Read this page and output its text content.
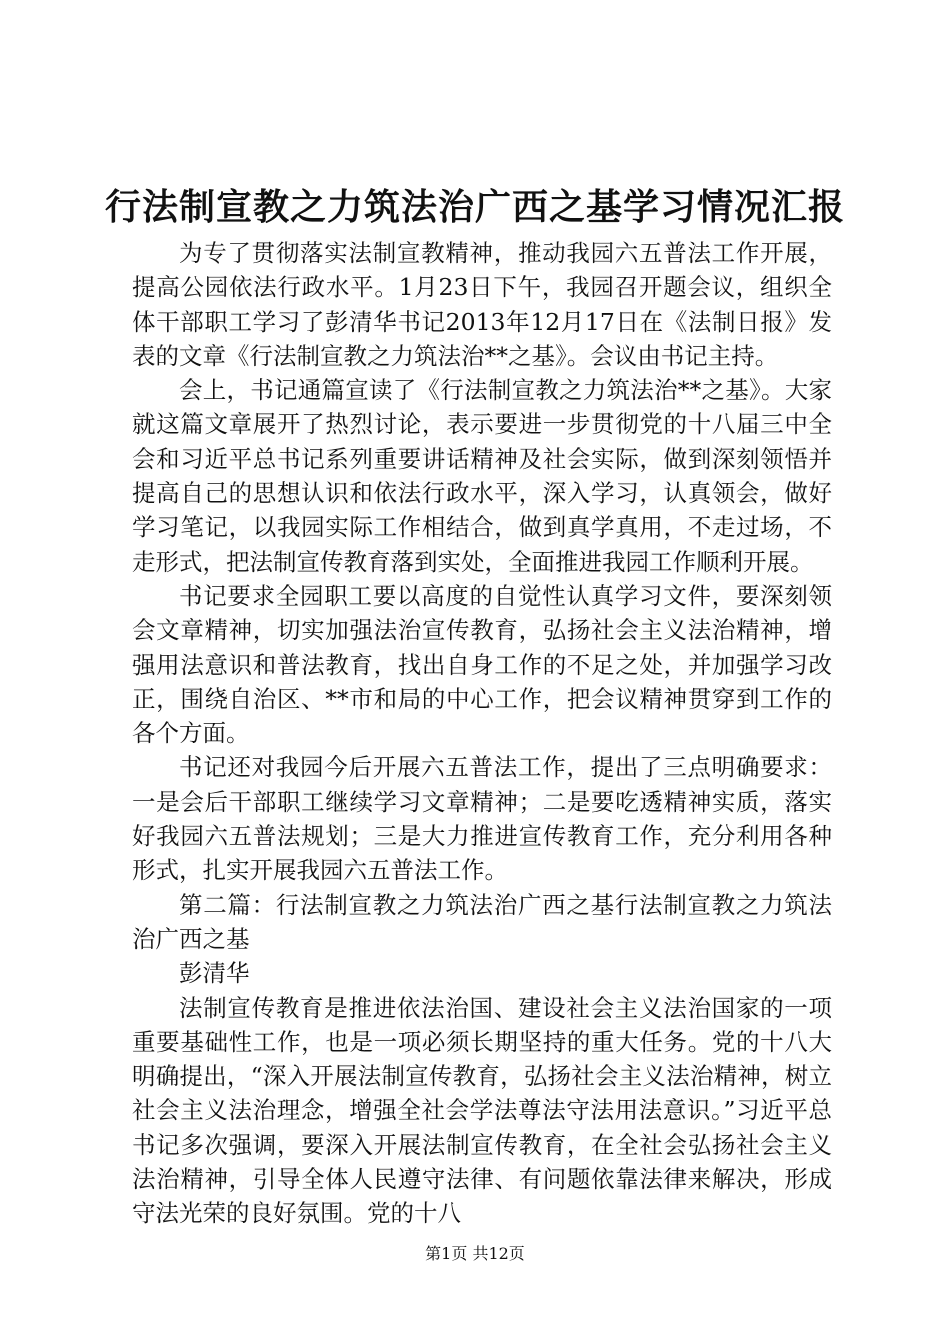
行法制宣教之力筑法治广西之基学习情况汇报

为专了贯彻落实法制宣教精神，推动我园六五普法工作开展，提高公园依法行政水平。1月23日下午，我园召开题会议，组织全体干部职工学习了彭清华书记2013年12月17日在《法制日报》发表的文章《行法制宣教之力筑法治**之基》。会议由书记主持。

会上，书记通篇宣读了《行法制宣教之力筑法治**之基》。大家就这篇文章展开了热烈讨论，表示要进一步贯彻党的十八届三中全会和习近平总书记系列重要讲话精神及社会实际，做到深刻领悟并提高自己的思想认识和依法行政水平，深入学习，认真领会，做好学习笔记，以我园实际工作相结合，做到真学真用，不走过场，不走形式，把法制宣传教育落到实处，全面推进我园工作顺利开展。

书记要求全园职工要以高度的自觉性认真学习文件，要深刻领会文章精神，切实加强法治宣传教育，弘扬社会主义法治精神，增强用法意识和普法教育，找出自身工作的不足之处，并加强学习改正，围绕自治区、**市和局的中心工作，把会议精神贯穿到工作的各个方面。

书记还对我园今后开展六五普法工作，提出了三点明确要求：一是会后干部职工继续学习文章精神；二是要吃透精神实质，落实好我园六五普法规划；三是大力推进宣传教育工作，充分利用各种形式，扎实开展我园六五普法工作。

第二篇：行法制宣教之力筑法治广西之基行法制宣教之力筑法治广西之基

彭清华

法制宣传教育是推进依法治国、建设社会主义法治国家的一项重要基础性工作，也是一项必须长期坚持的重大任务。党的十八大明确提出，“深入开展法制宣传教育，弘扬社会主义法治精神，树立社会主义法治理念，增强全社会学法尊法守法用法意识。”习近平总书记多次强调，要深入开展法制宣传教育，在全社会弘扬社会主义法治精神，引导全体人民遵守法律、有问题依靠法律来解决，形成守法光荣的良好氛围。党的十八

第1页 共12页
